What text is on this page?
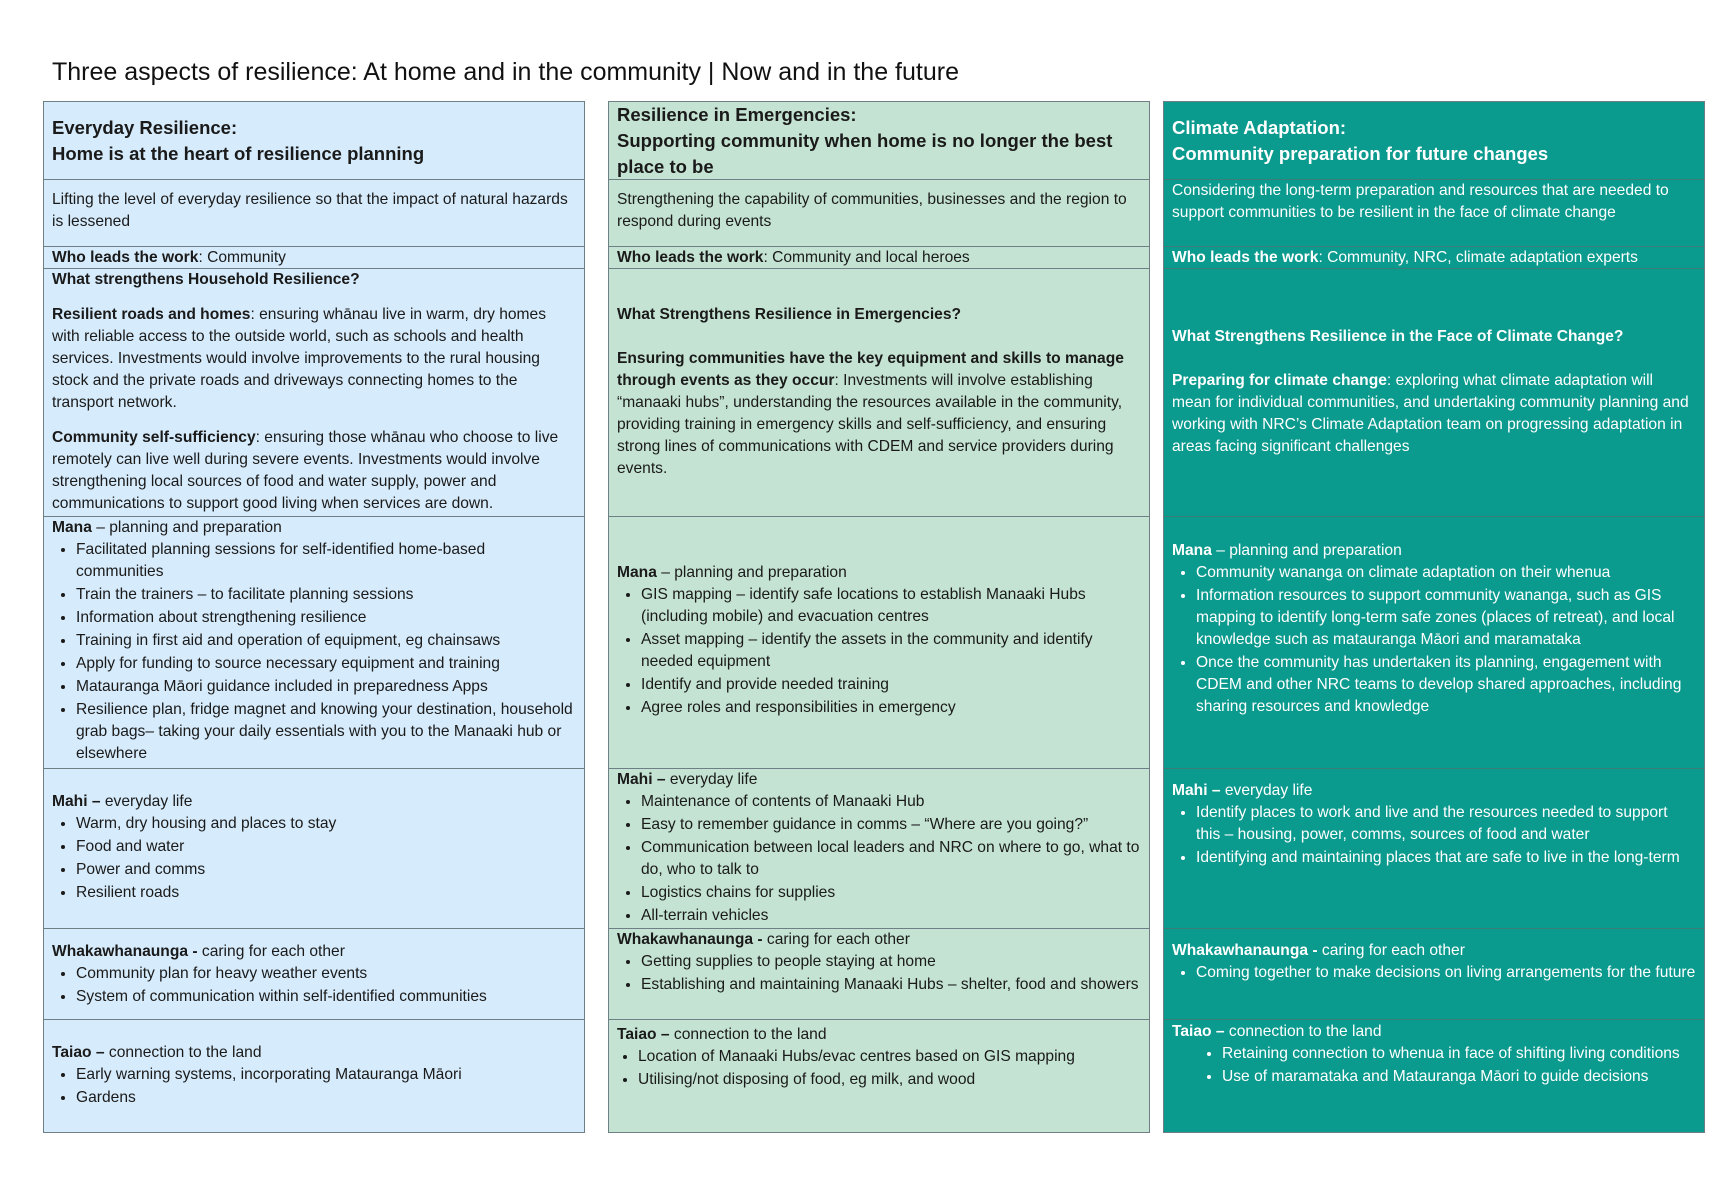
Three aspects of resilience: At home and in the community | Now and in the future
Everyday Resilience:
Home is at the heart of resilience planning

Lifting the level of everyday resilience so that the impact of natural hazards is lessened

Who leads the work: Community

What strengthens Household Resilience?

Resilient roads and homes: ensuring whānau live in warm, dry homes with reliable access to the outside world, such as schools and health services. Investments would involve improvements to the rural housing stock and the private roads and driveways connecting homes to the transport network.

Community self-sufficiency: ensuring those whānau who choose to live remotely can live well during severe events. Investments would involve strengthening local sources of food and water supply, power and communications to support good living when services are down.

Mana – planning and preparation

• Facilitated planning sessions for self-identified home-based communities
• Train the trainers – to facilitate planning sessions
• Information about strengthening resilience
• Training in first aid and operation of equipment, eg chainsaws
• Apply for funding to source necessary equipment and training
• Matauranga Māori guidance included in preparedness Apps
• Resilience plan, fridge magnet and knowing your destination, household grab bags– taking your daily essentials with you to the Manaaki hub or elsewhere

Mahi – everyday life

• Warm, dry housing and places to stay
• Food and water
• Power and comms
• Resilient roads

Whakawhanaunga - caring for each other

• Community plan for heavy weather events
• System of communication within self-identified communities

Taiao – connection to the land

• Early warning systems, incorporating Matauranga Māori
• Gardens
Resilience in Emergencies:
Supporting community when home is no longer the best place to be

Strengthening the capability of communities, businesses and the region to respond during events

Who leads the work: Community and local heroes

What Strengthens Resilience in Emergencies?

Ensuring communities have the key equipment and skills to manage through events as they occur: Investments will involve establishing “manaaki hubs”, understanding the resources available in the community, providing training in emergency skills and self-sufficiency, and ensuring strong lines of communications with CDEM and service providers during events.

Mana – planning and preparation

• GIS mapping – identify safe locations to establish Manaaki Hubs (including mobile) and evacuation centres
• Asset mapping – identify the assets in the community and identify needed equipment
• Identify and provide needed training
• Agree roles and responsibilities in emergency

Mahi – everyday life

• Maintenance of contents of Manaaki Hub
• Easy to remember guidance in comms – “Where are you going?”
• Communication between local leaders and NRC on where to go, what to do, who to talk to
• Logistics chains for supplies
• All-terrain vehicles

Whakawhanaunga - caring for each other

• Getting supplies to people staying at home
• Establishing and maintaining Manaaki Hubs – shelter, food and showers

Taiao – connection to the land

• Location of Manaaki Hubs/evac centres based on GIS mapping
• Utilising/not disposing of food, eg milk, and wood
Climate Adaptation:
Community preparation for future changes

Considering the long-term preparation and resources that are needed to support communities to be resilient in the face of climate change

Who leads the work: Community, NRC, climate adaptation experts

What Strengthens Resilience in the Face of Climate Change?

Preparing for climate change: exploring what climate adaptation will mean for individual communities, and undertaking community planning and working with NRC’s Climate Adaptation team on progressing adaptation in areas facing significant challenges

Mana – planning and preparation

• Community wananga on climate adaptation on their whenua
• Information resources to support community wananga, such as GIS mapping to identify long-term safe zones (places of retreat), and local knowledge such as matauranga Māori and maramataka
• Once the community has undertaken its planning, engagement with CDEM and other NRC teams to develop shared approaches, including sharing resources and knowledge

Mahi – everyday life

• Identify places to work and live and the resources needed to support this – housing, power, comms, sources of food and water
• Identifying and maintaining places that are safe to live in the long-term

Whakawhanaunga - caring for each other

• Coming together to make decisions on living arrangements for the future

Taiao – connection to the land

• Retaining connection to whenua in face of shifting living conditions
• Use of maramataka and Matauranga Māori to guide decisions
